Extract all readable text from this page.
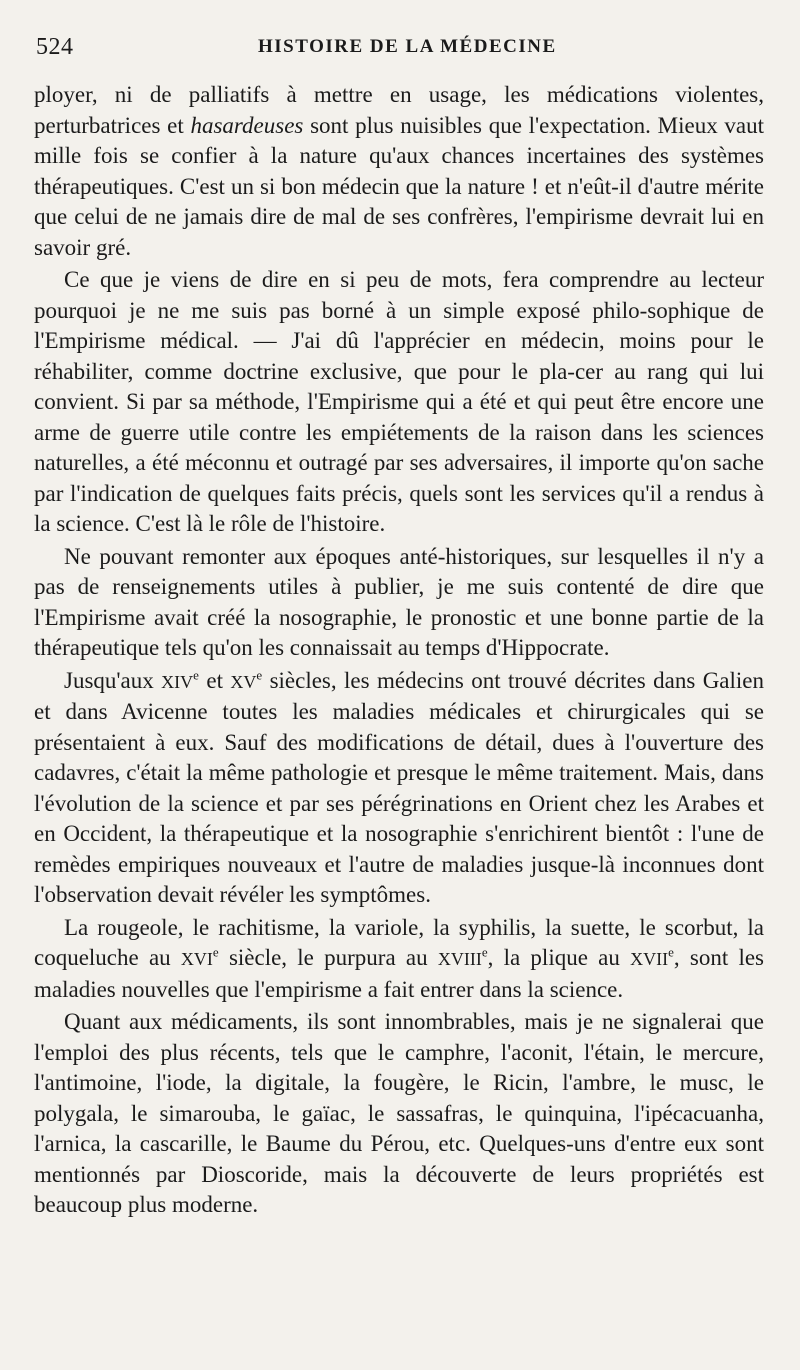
524	HISTOIRE DE LA MÉDECINE

ployer, ni de palliatifs à mettre en usage, les médications violentes, perturbatrices et hasardeuses sont plus nuisibles que l'expectation. Mieux vaut mille fois se confier à la nature qu'aux chances incertaines des systèmes thérapeutiques. C'est un si bon médecin que la nature ! et n'eût-il d'autre mérite que celui de ne jamais dire de mal de ses confrères, l'empirisme devrait lui en savoir gré.

Ce que je viens de dire en si peu de mots, fera comprendre au lecteur pourquoi je ne me suis pas borné à un simple exposé philo-sophique de l'Empirisme médical. — J'ai dû l'apprécier en médecin, moins pour le réhabiliter, comme doctrine exclusive, que pour le pla-cer au rang qui lui convient. Si par sa méthode, l'Empirisme qui a été et qui peut être encore une arme de guerre utile contre les empiétements de la raison dans les sciences naturelles, a été méconnu et outragé par ses adversaires, il importe qu'on sache par l'indication de quelques faits précis, quels sont les services qu'il a rendus à la science. C'est là le rôle de l'histoire.

Ne pouvant remonter aux époques anté-historiques, sur lesquelles il n'y a pas de renseignements utiles à publier, je me suis contenté de dire que l'Empirisme avait créé la nosographie, le pronostic et une bonne partie de la thérapeutique tels qu'on les connaissait au temps d'Hippocrate.

Jusqu'aux XIVe et XVe siècles, les médecins ont trouvé décrites dans Galien et dans Avicenne toutes les maladies médicales et chirurgicales qui se présentaient à eux. Sauf des modifications de détail, dues à l'ouverture des cadavres, c'était la même pathologie et presque le même traitement. Mais, dans l'évolution de la science et par ses pérégrinations en Orient chez les Arabes et en Occident, la thérapeutique et la nosographie s'enrichirent bientôt : l'une de remèdes empiriques nouveaux et l'autre de maladies jusque-là inconnues dont l'observation devait révéler les symptômes.

La rougeole, le rachitisme, la variole, la syphilis, la suette, le scorbut, la coqueluche au XVIe siècle, le purpura au XVIIIe, la plique au XVIIe, sont les maladies nouvelles que l'empirisme a fait entrer dans la science.

Quant aux médicaments, ils sont innombrables, mais je ne signalerai que l'emploi des plus récents, tels que le camphre, l'aconit, l'étain, le mercure, l'antimoine, l'iode, la digitale, la fougère, le Ricin, l'ambre, le musc, le polygala, le simarouba, le gaïac, le sassafras, le quinquina, l'ipécacuanha, l'arnica, la cascarille, le Baume du Pérou, etc. Quelques-uns d'entre eux sont mentionnés par Dioscoride, mais la découverte de leurs propriétés est beaucoup plus moderne.
